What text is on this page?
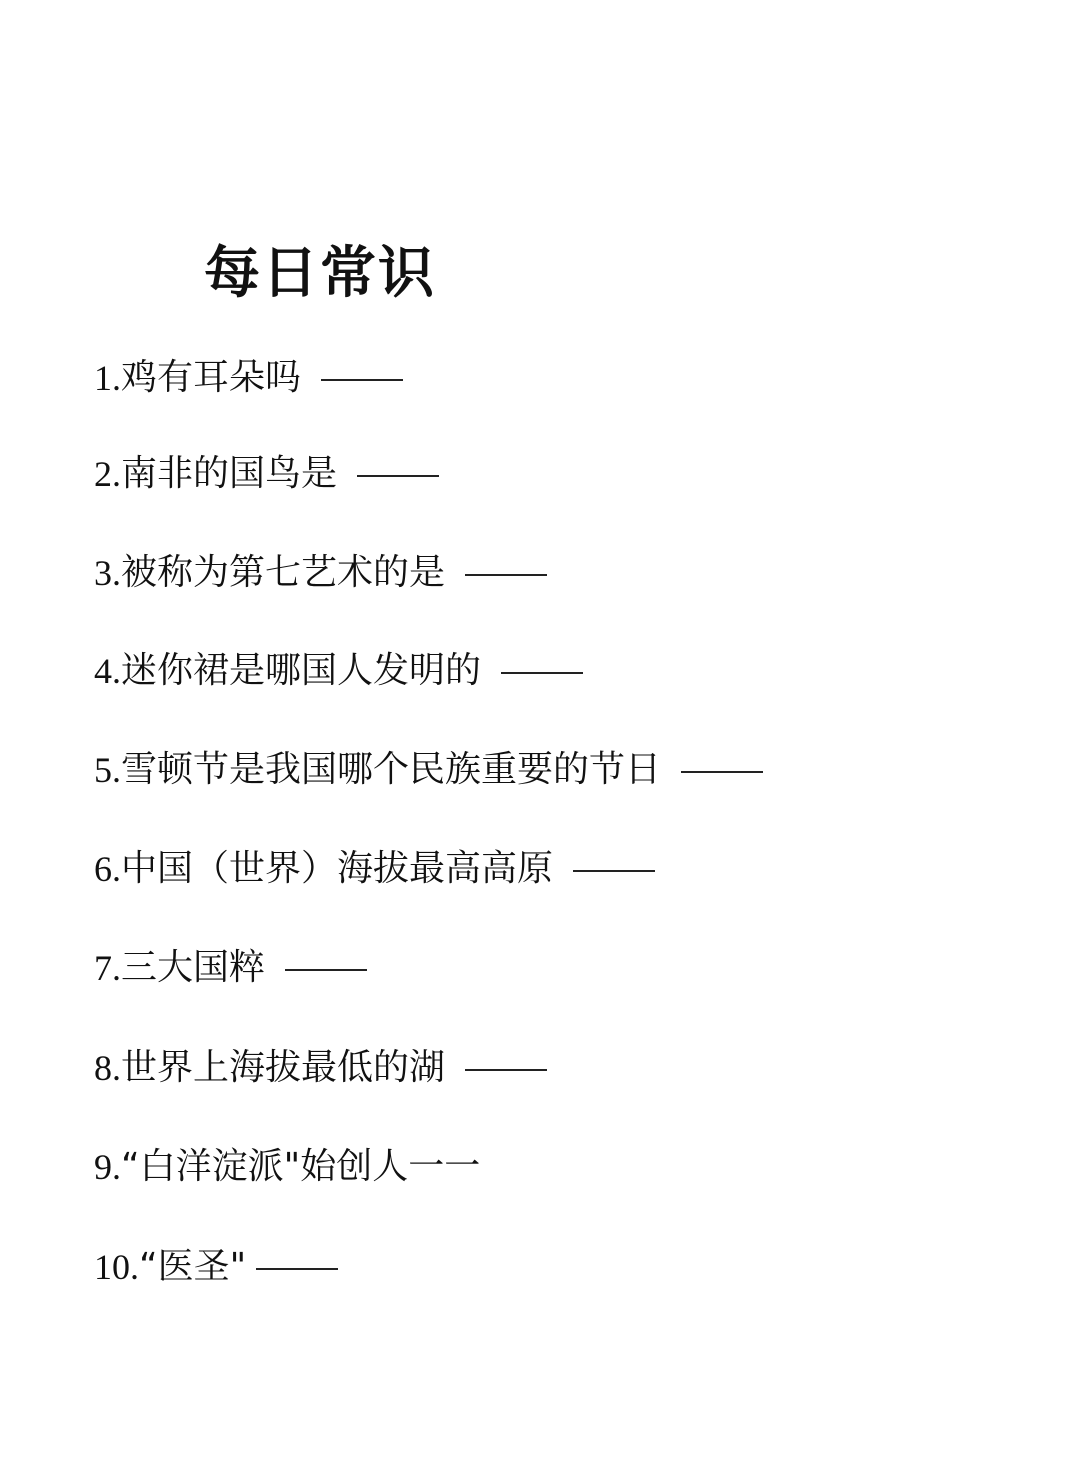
每日常识
1. 鸡有耳朵吗
2. 南非的国鸟是
3. 被称为第七艺术的是
4. 迷你裙是哪国人发明的
5. 雪顿节是我国哪个民族重要的节日
6. 中国（世界）海拔最高高原
7. 三大国粹
8. 世界上海拔最低的湖
9. “白洋淀派"始创人一一
10. “医圣"
